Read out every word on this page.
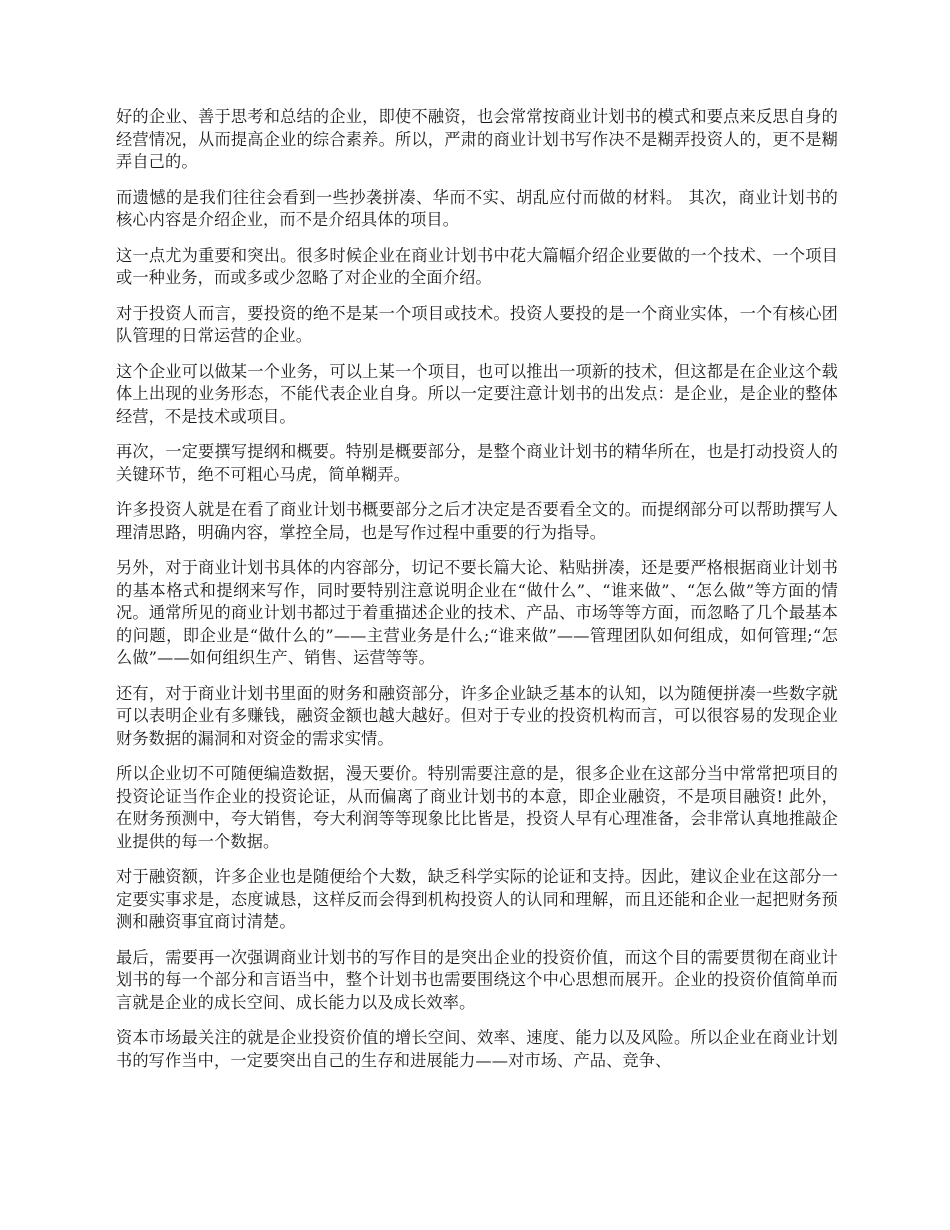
好的企业、善于思考和总结的企业，即使不融资，也会常常按商业计划书的模式和要点来反思自身的经营情况，从而提高企业的综合素养。所以，严肃的商业计划书写作决不是糊弄投资人的，更不是糊弄自己的。

而遗憾的是我们往往会看到一些抄袭拼凑、华而不实、胡乱应付而做的材料。 其次，商业计划书的核心内容是介绍企业，而不是介绍具体的项目。

这一点尤为重要和突出。很多时候企业在商业计划书中花大篇幅介绍企业要做的一个技术、一个项目或一种业务，而或多或少忽略了对企业的全面介绍。

对于投资人而言，要投资的绝不是某一个项目或技术。投资人要投的是一个商业实体，一个有核心团队管理的日常运营的企业。

这个企业可以做某一个业务，可以上某一个项目，也可以推出一项新的技术，但这都是在企业这个载体上出现的业务形态，不能代表企业自身。所以一定要注意计划书的出发点：是企业，是企业的整体经营，不是技术或项目。

再次，一定要撰写提纲和概要。特别是概要部分，是整个商业计划书的精华所在，也是打动投资人的关键环节，绝不可粗心马虎，简单糊弄。

许多投资人就是在看了商业计划书概要部分之后才决定是否要看全文的。而提纲部分可以帮助撰写人理清思路，明确内容，掌控全局，也是写作过程中重要的行为指导。

另外，对于商业计划书具体的内容部分，切记不要长篇大论、粘贴拼凑，还是要严格根据商业计划书的基本格式和提纲来写作，同时要特别注意说明企业在“做什么”、“谁来做”、“怎么做”等方面的情况。通常所见的商业计划书都过于着重描述企业的技术、产品、市场等等方面，而忽略了几个最基本的问题，即企业是“做什么的”——主营业务是什么;“谁来做”——管理团队如何组成，如何管理;“怎么做”——如何组织生产、销售、运营等等。

还有，对于商业计划书里面的财务和融资部分，许多企业缺乏基本的认知，以为随便拼凑一些数字就可以表明企业有多赚钱，融资金额也越大越好。但对于专业的投资机构而言，可以很容易的发现企业财务数据的漏洞和对资金的需求实情。

所以企业切不可随便编造数据，漫天要价。特别需要注意的是，很多企业在这部分当中常常把项目的投资论证当作企业的投资论证，从而偏离了商业计划书的本意，即企业融资，不是项目融资! 此外，在财务预测中，夸大销售，夸大利润等等现象比比皆是，投资人早有心理准备，会非常认真地推敲企业提供的每一个数据。

对于融资额，许多企业也是随便给个大数，缺乏科学实际的论证和支持。因此，建议企业在这部分一定要实事求是，态度诚恳，这样反而会得到机构投资人的认同和理解，而且还能和企业一起把财务预测和融资事宜商讨清楚。

最后，需要再一次强调商业计划书的写作目的是突出企业的投资价值，而这个目的需要贯彻在商业计划书的每一个部分和言语当中，整个计划书也需要围绕这个中心思想而展开。企业的投资价值简单而言就是企业的成长空间、成长能力以及成长效率。

资本市场最关注的就是企业投资价值的增长空间、效率、速度、能力以及风险。所以企业在商业计划书的写作当中，一定要突出自己的生存和进展能力——对市场、产品、竞争、
